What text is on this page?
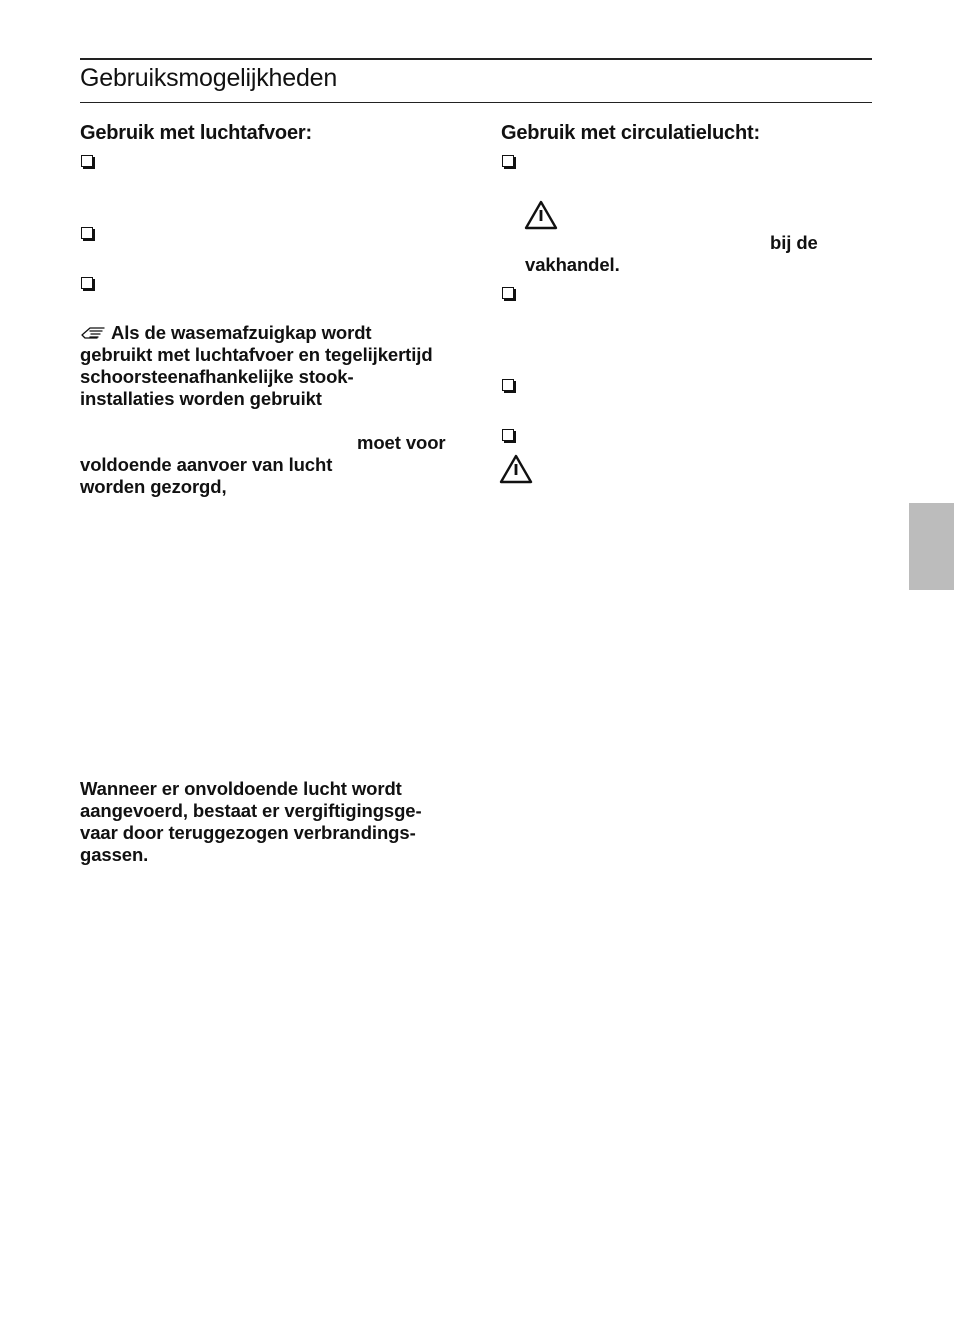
Gebruiksmogelijkheden
Gebruik met luchtafvoer:
Als de wasemafzuigkap wordt
gebruikt met luchtafvoer en tegelijkertijd
schoorsteenafhankelijke stook-
installaties worden gebruikt
moet voor
voldoende aanvoer van lucht
worden gezorgd,
Wanneer er onvoldoende lucht wordt
aangevoerd, bestaat er vergiftigingsge-
vaar door teruggezogen verbrandings-
gassen.
Gebruik met circulatielucht:
bij de
vakhandel.
